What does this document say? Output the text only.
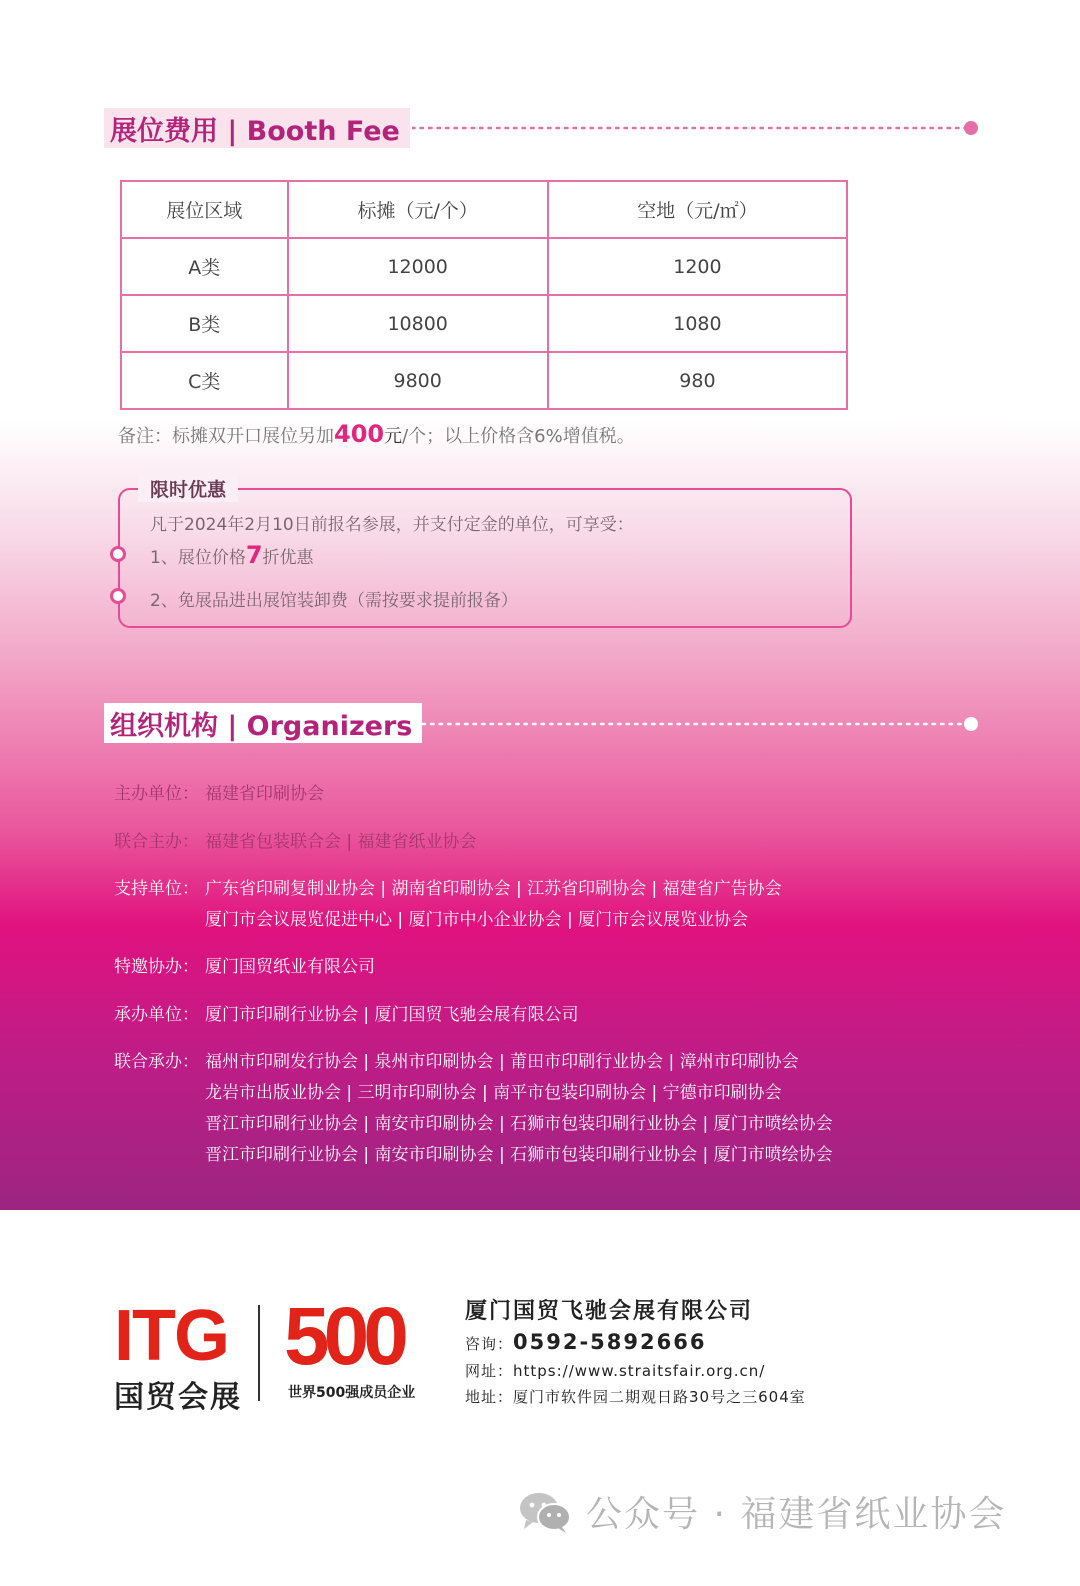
展位费用 | Booth Fee
展位区域	标摊（元/个）	空地（元/㎡）
A类	12000	1200
B类	10800	1080
C类	9800	980
备注：标摊双开口展位另加400元/个；以上价格含6%增值税。
限时优惠
凡于2024年2月10日前报名参展，并支付定金的单位，可享受：
1、展位价格7折优惠
2、免展品进出展馆装卸费（需按要求提前报备）
组织机构 | Organizers
主办单位： 福建省印刷协会
联合主办： 福建省包装联合会 | 福建省纸业协会
支持单位： 广东省印刷复制业协会 | 湖南省印刷协会 | 江苏省印刷协会 | 福建省广告协会
厦门市会议展览促进中心 | 厦门市中小企业协会 | 厦门市会议展览业协会
特邀协办： 厦门国贸纸业有限公司
承办单位： 厦门市印刷行业协会 | 厦门国贸飞驰会展有限公司
联合承办： 福州市印刷发行协会 | 泉州市印刷协会 | 莆田市印刷行业协会 | 漳州市印刷协会
龙岩市出版业协会 | 三明市印刷协会 | 南平市包装印刷协会 | 宁德市印刷协会
晋江市印刷行业协会 | 南安市印刷协会 | 石狮市包装印刷行业协会 | 厦门市喷绘协会
晋江市印刷行业协会 | 南安市印刷协会 | 石狮市包装印刷行业协会 | 厦门市喷绘协会
ITG
国贸会展
500
世界500强成员企业
厦门国贸飞驰会展有限公司
咨询：0592-5892666
网址：https://www.straitsfair.org.cn/
地址：厦门市软件园二期观日路30号之三604室
公众号 · 福建省纸业协会
